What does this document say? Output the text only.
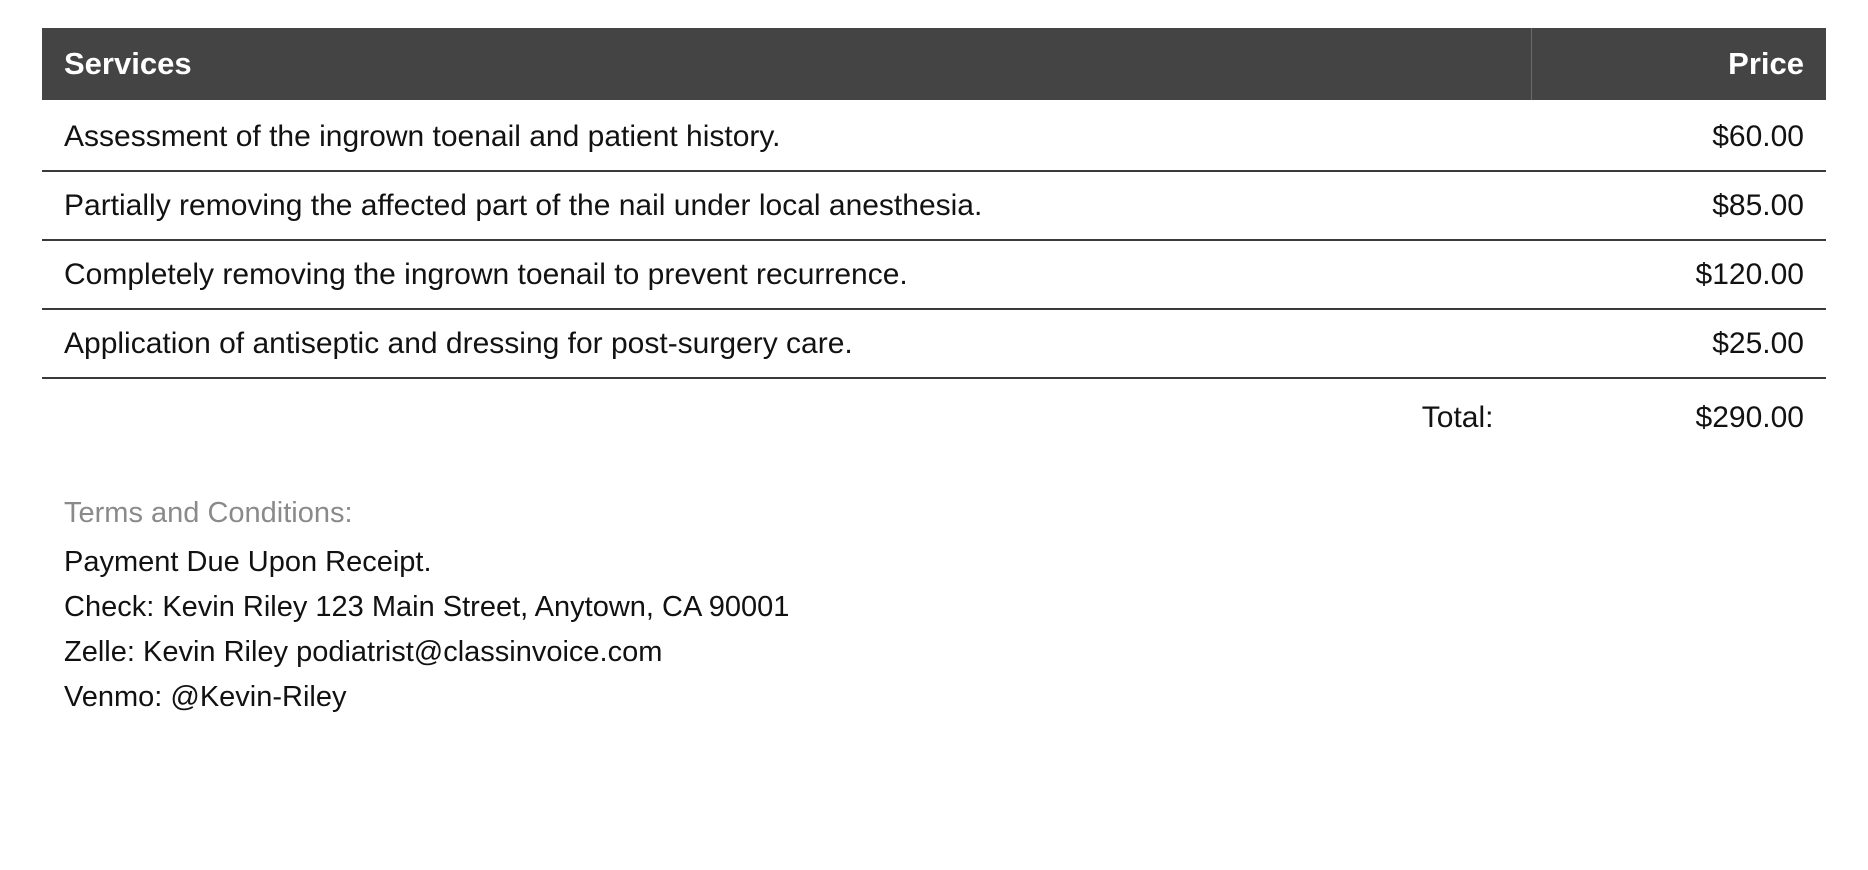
Services	Price
Assessment of the ingrown toenail and patient history.	$60.00
Partially removing the affected part of the nail under local anesthesia.	$85.00
Completely removing the ingrown toenail to prevent recurrence.	$120.00
Application of antiseptic and dressing for post-surgery care.	$25.00
Total:	$290.00
Terms and Conditions:
Payment Due Upon Receipt.
Check: Kevin Riley 123 Main Street, Anytown, CA 90001
Zelle: Kevin Riley podiatrist@classinvoice.com
Venmo: @Kevin-Riley
